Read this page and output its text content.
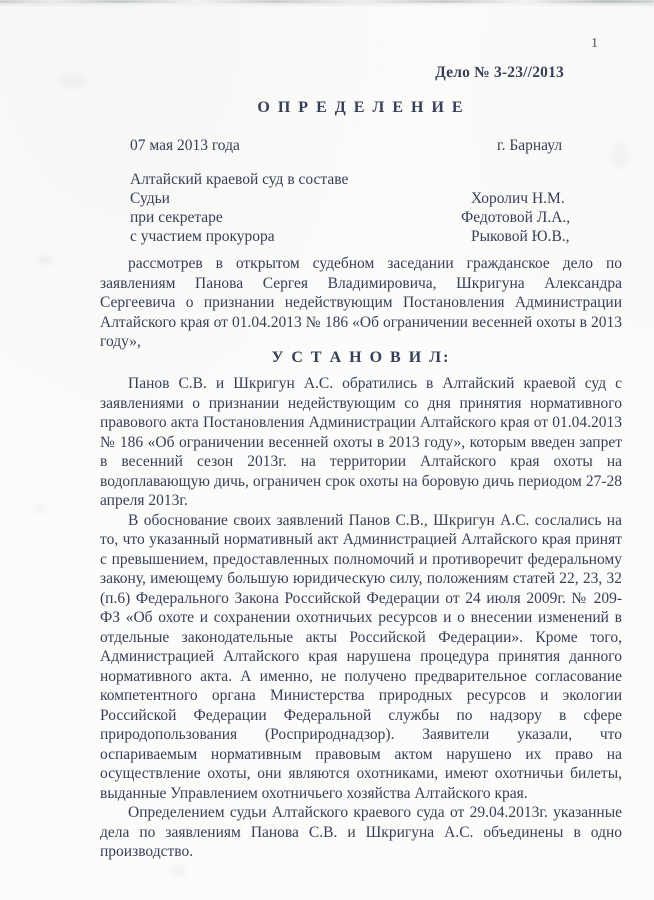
1
Дело № 3-23//2013
О П Р Е Д Е Л Е Н И Е
07 мая 2013 года	г. Барнаул
Алтайский краевой суд в составе
Судьи	Хоролич Н.М.
при секретаре	Федотовой Л.А.,
с участием прокурора	Рыковой Ю.В.,

рассмотрев в открытом судебном заседании гражданское дело по заявлениям Панова Сергея Владимировича, Шкригуна Александра Сергеевича о признании недействующим Постановления Администрации Алтайского края от 01.04.2013 № 186 «Об ограничении весенней охоты в 2013 году»,

У С Т А Н О В И Л:

Панов С.В. и Шкригун А.С. обратились в Алтайский краевой суд с заявлениями о признании недействующим со дня принятия нормативного правового акта Постановления Администрации Алтайского края от 01.04.2013 № 186 «Об ограничении весенней охоты в 2013 году», которым введен запрет в весенний сезон 2013г. на территории Алтайского края охоты на водоплавающую дичь, ограничен срок охоты на боровую дичь периодом 27-28 апреля 2013г.

В обоснование своих заявлений Панов С.В., Шкригун А.С. сослались на то, что указанный нормативный акт Администрацией Алтайского края принят с превышением, предоставленных полномочий и противоречит федеральному закону, имеющему большую юридическую силу, положениям статей 22, 23, 32 (п.6) Федерального Закона Российской Федерации от 24 июля 2009г. № 209-ФЗ «Об охоте и сохранении охотничьих ресурсов и о внесении изменений в отдельные законодательные акты Российской Федерации». Кроме того, Администрацией Алтайского края нарушена процедура принятия данного нормативного акта. А именно, не получено предварительное согласование компетентного органа Министерства природных ресурсов и экологии Российской Федерации Федеральной службы по надзору в сфере природопользования (Росприроднадзор). Заявители указали, что оспариваемым нормативным правовым актом нарушено их право на осуществление охоты, они являются охотниками, имеют охотничьи билеты, выданные Управлением охотничьего хозяйства Алтайского края.

Определением судьи Алтайского краевого суда от 29.04.2013г. указанные дела по заявлениям Панова С.В. и Шкригуна А.С. объединены в одно производство.
